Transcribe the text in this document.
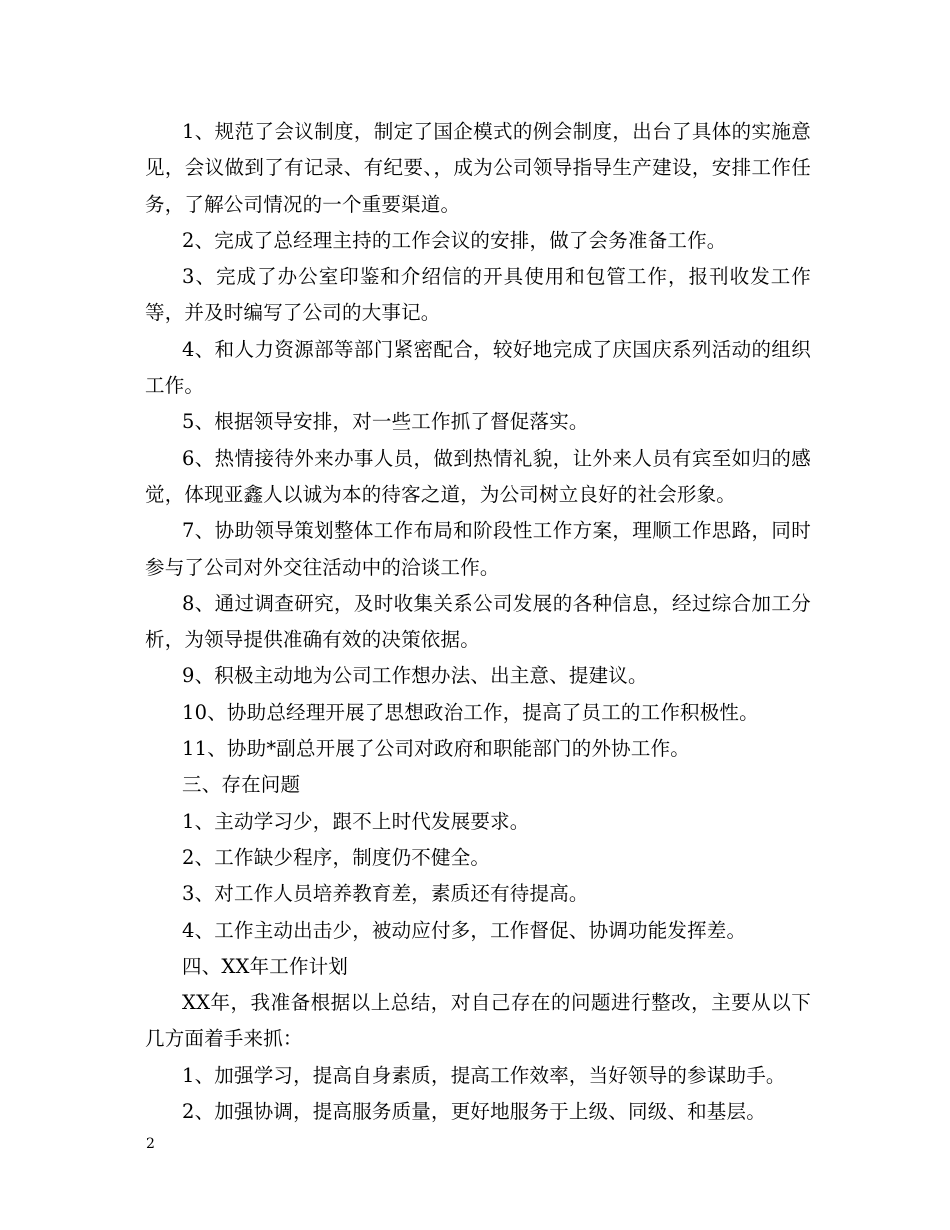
1、规范了会议制度，制定了国企模式的例会制度，出台了具体的实施意见，会议做到了有记录、有纪要、，成为公司领导指导生产建设，安排工作任务，了解公司情况的一个重要渠道。

2、完成了总经理主持的工作会议的安排，做了会务准备工作。

3、完成了办公室印鉴和介绍信的开具使用和包管工作，报刊收发工作等，并及时编写了公司的大事记。

4、和人力资源部等部门紧密配合，较好地完成了庆国庆系列活动的组织工作。

5、根据领导安排，对一些工作抓了督促落实。

6、热情接待外来办事人员，做到热情礼貌，让外来人员有宾至如归的感觉，体现亚鑫人以诚为本的待客之道，为公司树立良好的社会形象。

7、协助领导策划整体工作布局和阶段性工作方案，理顺工作思路，同时参与了公司对外交往活动中的洽谈工作。

8、通过调查研究，及时收集关系公司发展的各种信息，经过综合加工分析，为领导提供准确有效的决策依据。

9、积极主动地为公司工作想办法、出主意、提建议。

10、协助总经理开展了思想政治工作，提高了员工的工作积极性。

11、协助*副总开展了公司对政府和职能部门的外协工作。

三、存在问题

1、主动学习少，跟不上时代发展要求。

2、工作缺少程序，制度仍不健全。

3、对工作人员培养教育差，素质还有待提高。

4、工作主动出击少，被动应付多，工作督促、协调功能发挥差。

四、XX年工作计划

XX年，我准备根据以上总结，对自己存在的问题进行整改，主要从以下几方面着手来抓：

1、加强学习，提高自身素质，提高工作效率，当好领导的参谋助手。

2、加强协调，提高服务质量，更好地服务于上级、同级、和基层。

2
